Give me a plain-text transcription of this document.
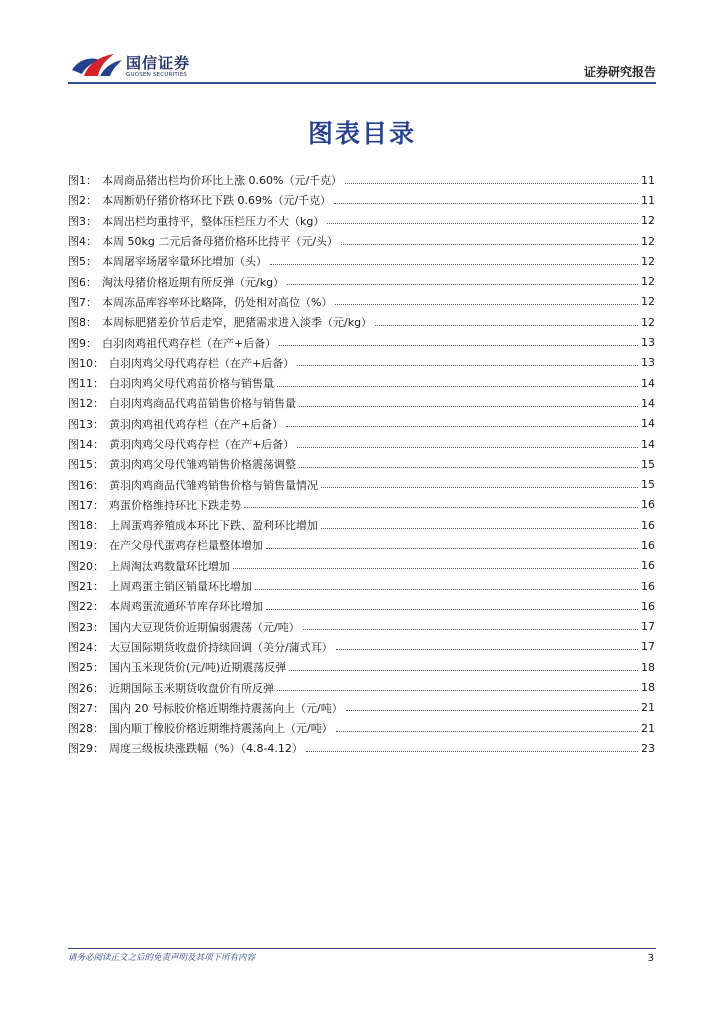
国信证券
GUOSEN SECURITIES	证券研究报告
图表目录
图1： 本周商品猪出栏均价环比上涨 0.60%（元/千克）	11
图2： 本周断奶仔猪价格环比下跌 0.69%（元/千克）	11
图3： 本周出栏均重持平，整体压栏压力不大（kg）	12
图4： 本周 50kg 二元后备母猪价格环比持平（元/头）	12
图5： 本周屠宰场屠宰量环比增加（头）	12
图6： 淘汰母猪价格近期有所反弹（元/kg）	12
图7： 本周冻品库容率环比略降，仍处相对高位（%）	12
图8： 本周标肥猪差价节后走窄，肥猪需求进入淡季（元/kg）	12
图9： 白羽肉鸡祖代鸡存栏（在产+后备）	13
图10： 白羽肉鸡父母代鸡存栏（在产+后备）	13
图11： 白羽肉鸡父母代鸡苗价格与销售量	14
图12： 白羽肉鸡商品代鸡苗销售价格与销售量	14
图13： 黄羽肉鸡祖代鸡存栏（在产+后备）	14
图14： 黄羽肉鸡父母代鸡存栏（在产+后备）	14
图15： 黄羽肉鸡父母代雏鸡销售价格震荡调整	15
图16： 黄羽肉鸡商品代雏鸡销售价格与销售量情况	15
图17： 鸡蛋价格维持环比下跌走势	16
图18： 上周蛋鸡养殖成本环比下跌、盈利环比增加	16
图19： 在产父母代蛋鸡存栏量整体增加	16
图20： 上周淘汰鸡数量环比增加	16
图21： 上周鸡蛋主销区销量环比增加	16
图22： 本周鸡蛋流通环节库存环比增加	16
图23： 国内大豆现货价近期偏弱震荡（元/吨）	17
图24： 大豆国际期货收盘价持续回调（美分/蒲式耳）	17
图25： 国内玉米现货价(元/吨)近期震荡反弹	18
图26： 近期国际玉米期货收盘价有所反弹	18
图27： 国内 20 号标胶价格近期维持震荡向上（元/吨）	21
图28： 国内顺丁橡胶价格近期维持震荡向上（元/吨）	21
图29： 周度三级板块涨跌幅（%）（4.8-4.12）	23
请务必阅读正文之后的免责声明及其项下所有内容	3
